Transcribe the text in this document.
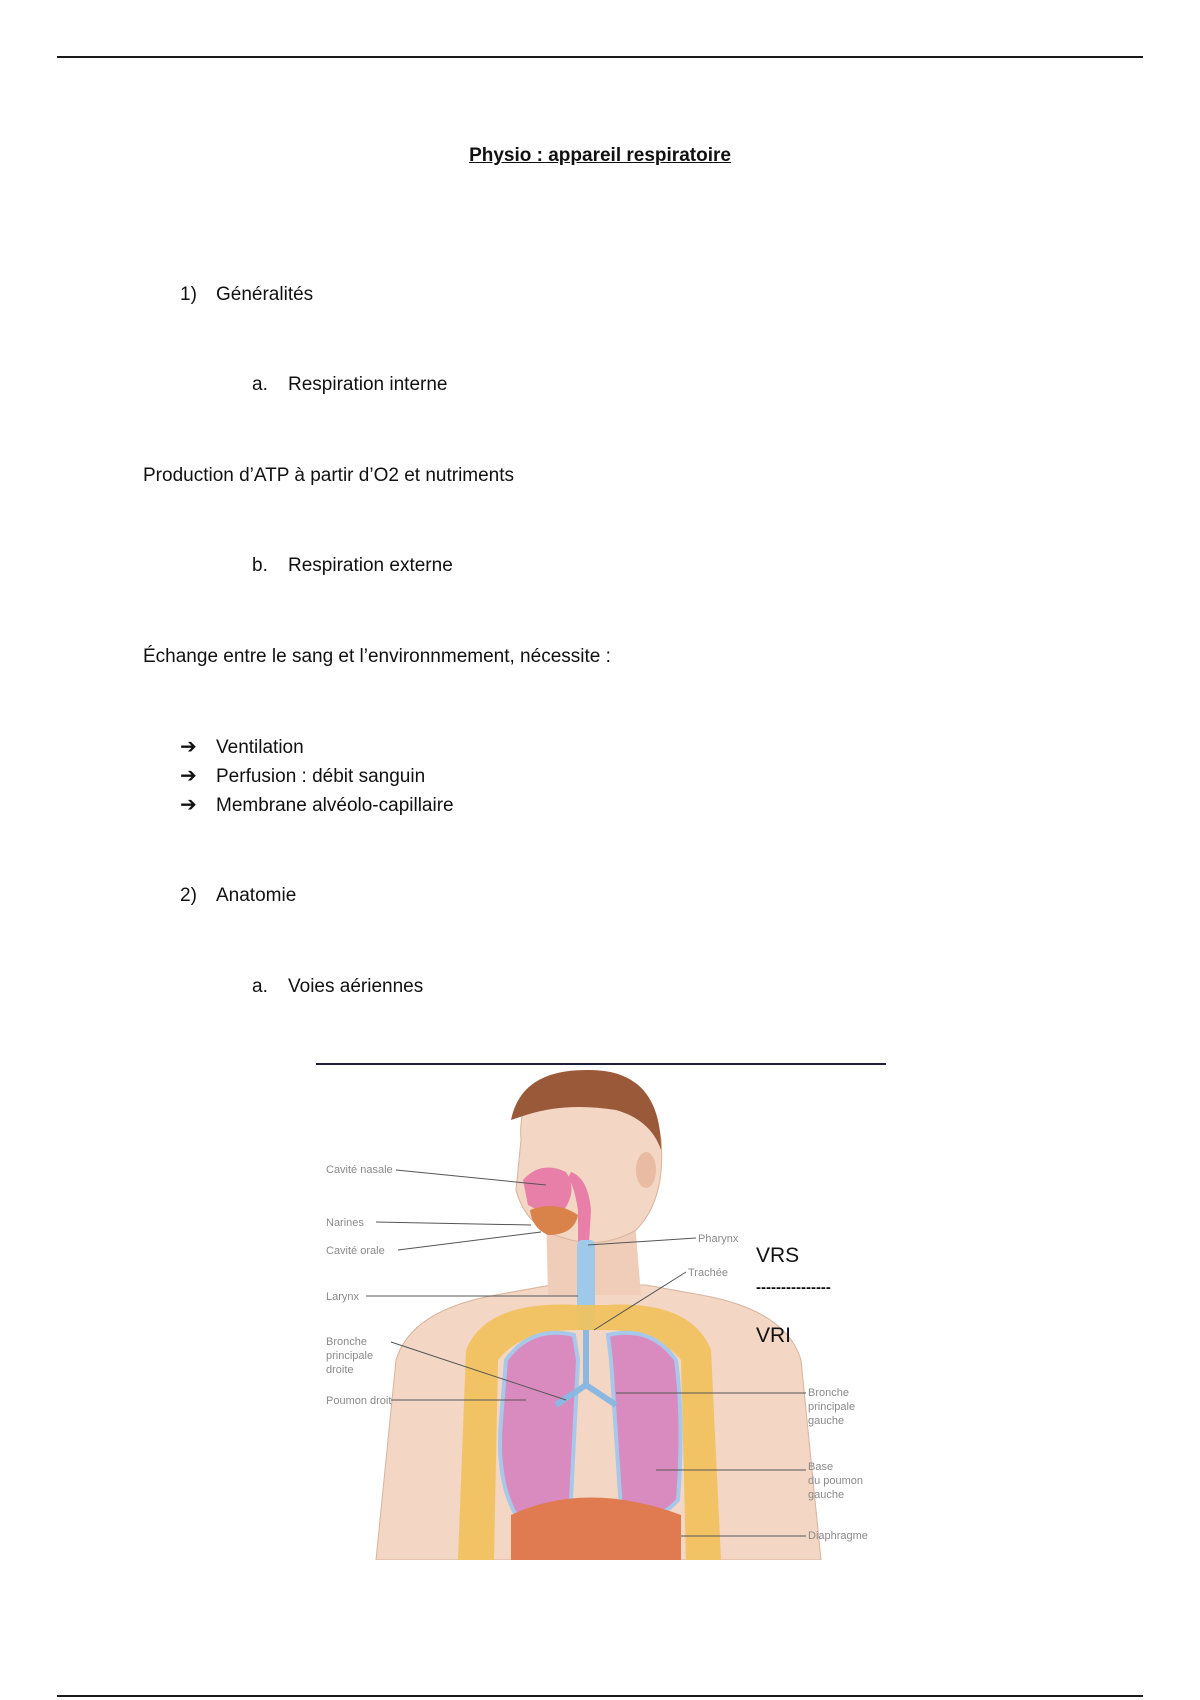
Physio : appareil respiratoire
1) Généralités
a. Respiration interne
Production d’ATP à partir d’O2 et nutriments
b. Respiration externe
Échange entre le sang et l’environnmement, nécessite :
➔ Ventilation
➔ Perfusion : débit sanguin
➔ Membrane alvéolo-capillaire
2) Anatomie
a. Voies aériennes
Cavité nasale
Narines
Cavité orale
Larynx
Bronche
principale
droite
Poumon droit
Pharynx
Trachée
Bronche
principale
gauche
Base
du poumon
gauche
Diaphragme
VRS
---------------
VRI
